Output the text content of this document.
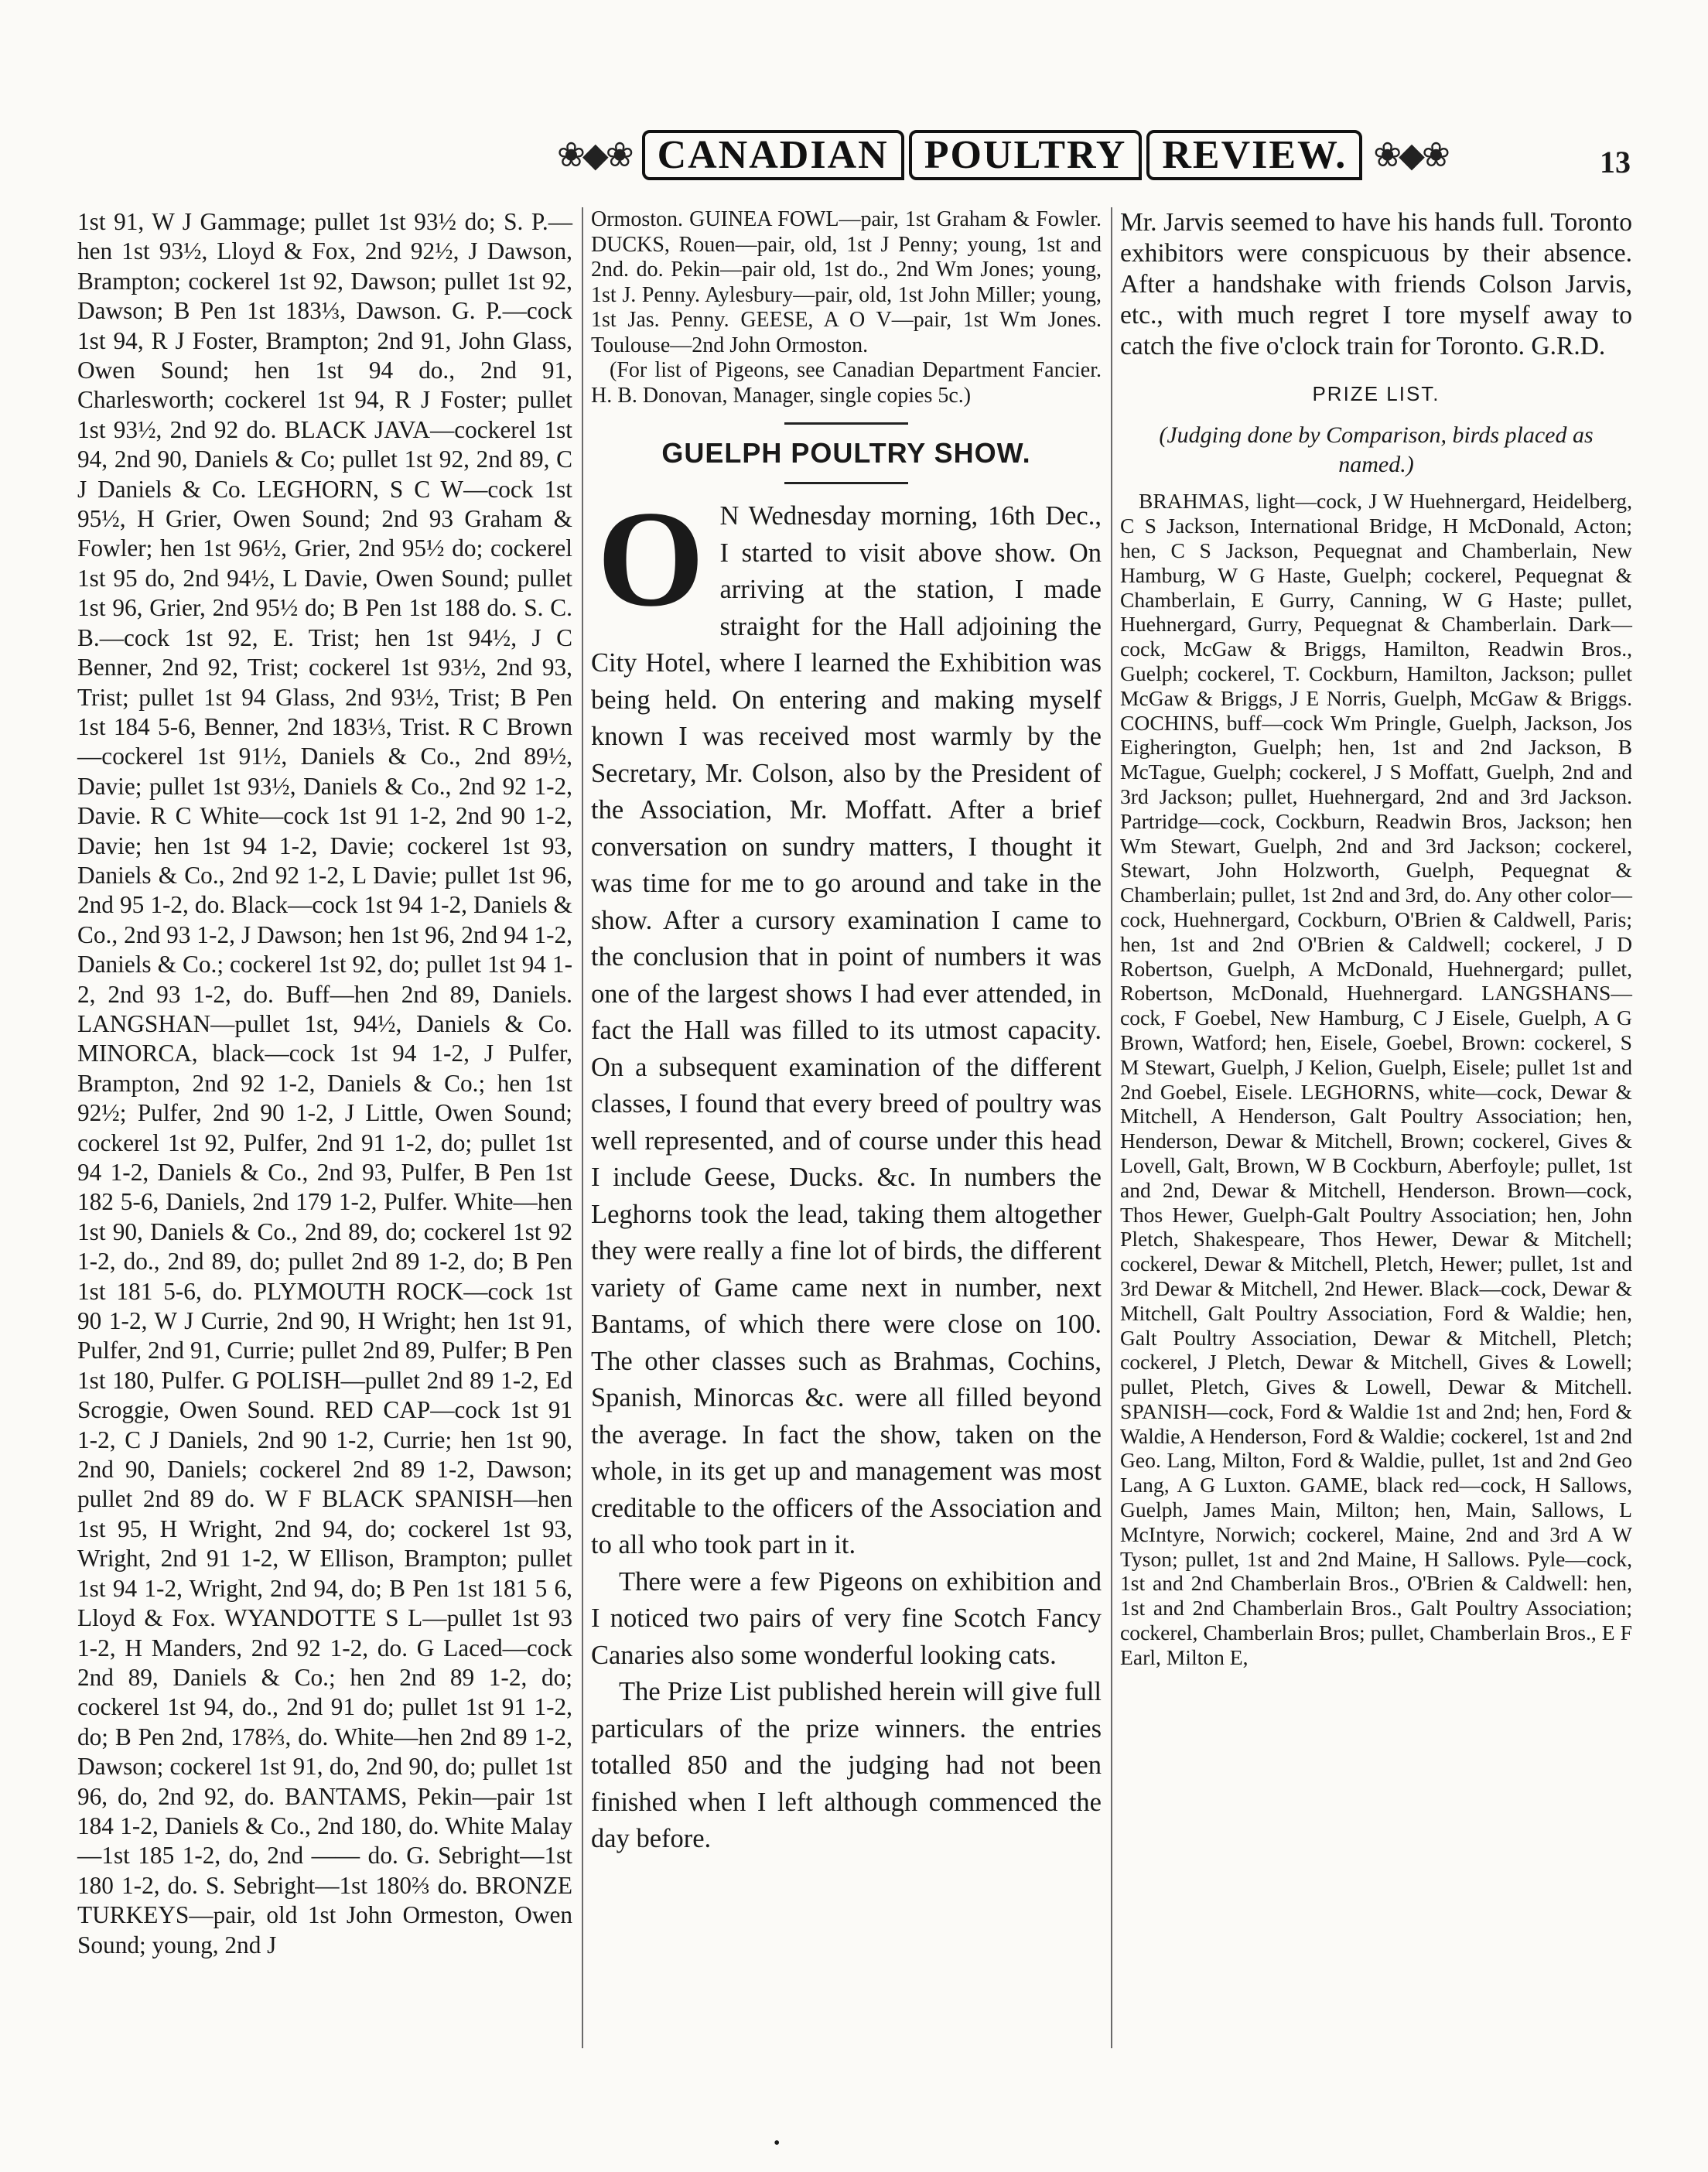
❀◆❀ CANADIAN POULTRY REVIEW. ❀◆❀	13

1st 91, W J Gammage; pullet 1st 93½ do; S. P.—hen 1st 93½, Lloyd & Fox, 2nd 92½, J Dawson, Brampton; cockerel 1st 92, Dawson; pullet 1st 92, Dawson; B Pen 1st 183⅓, Dawson. G. P.—cock 1st 94, R J Foster, Brampton; 2nd 91, John Glass, Owen Sound; hen 1st 94 do., 2nd 91, Charlesworth; cockerel 1st 94, R J Foster; pullet 1st 93½, 2nd 92 do. BLACK JAVA—cockerel 1st 94, 2nd 90, Daniels & Co; pullet 1st 92, 2nd 89, C J Daniels & Co. LEGHORN, S C W—cock 1st 95½, H Grier, Owen Sound; 2nd 93 Graham & Fowler; hen 1st 96½, Grier, 2nd 95½ do; cockerel 1st 95 do, 2nd 94½, L Davie, Owen Sound; pullet 1st 96, Grier, 2nd 95½ do; B Pen 1st 188 do. S. C. B.—cock 1st 92, E. Trist; hen 1st 94½, J C Benner, 2nd 92, Trist; cockerel 1st 93½, 2nd 93, Trist; pullet 1st 94 Glass, 2nd 93½, Trist; B Pen 1st 184 5-6, Benner, 2nd 183⅓, Trist. R C Brown—cockerel 1st 91½, Daniels & Co., 2nd 89½, Davie; pullet 1st 93½, Daniels & Co., 2nd 92 1-2, Davie. R C White—cock 1st 91 1-2, 2nd 90 1-2, Davie; hen 1st 94 1-2, Davie; cockerel 1st 93, Daniels & Co., 2nd 92 1-2, L Davie; pullet 1st 96, 2nd 95 1-2, do. Black—cock 1st 94 1-2, Daniels & Co., 2nd 93 1-2, J Dawson; hen 1st 96, 2nd 94 1-2, Daniels & Co.; cockerel 1st 92, do; pullet 1st 94 1-2, 2nd 93 1-2, do. Buff—hen 2nd 89, Daniels. LANGSHAN—pullet 1st, 94½, Daniels & Co. MINORCA, black—cock 1st 94 1-2, J Pulfer, Brampton, 2nd 92 1-2, Daniels & Co.; hen 1st 92½; Pulfer, 2nd 90 1-2, J Little, Owen Sound; cockerel 1st 92, Pulfer, 2nd 91 1-2, do; pullet 1st 94 1-2, Daniels & Co., 2nd 93, Pulfer, B Pen 1st 182 5-6, Daniels, 2nd 179 1-2, Pulfer. White—hen 1st 90, Daniels & Co., 2nd 89, do; cockerel 1st 92 1-2, do., 2nd 89, do; pullet 2nd 89 1-2, do; B Pen 1st 181 5-6, do. PLYMOUTH ROCK—cock 1st 90 1-2, W J Currie, 2nd 90, H Wright; hen 1st 91, Pulfer, 2nd 91, Currie; pullet 2nd 89, Pulfer; B Pen 1st 180, Pulfer. G POLISH—pullet 2nd 89 1-2, Ed Scroggie, Owen Sound. RED CAP—cock 1st 91 1-2, C J Daniels, 2nd 90 1-2, Currie; hen 1st 90, 2nd 90, Daniels; cockerel 2nd 89 1-2, Dawson; pullet 2nd 89 do. W F BLACK SPANISH—hen 1st 95, H Wright, 2nd 94, do; cockerel 1st 93, Wright, 2nd 91 1-2, W Ellison, Brampton; pullet 1st 94 1-2, Wright, 2nd 94, do; B Pen 1st 181 5 6, Lloyd & Fox. WYANDOTTE S L—pullet 1st 93 1-2, H Manders, 2nd 92 1-2, do. G Laced—cock 2nd 89, Daniels & Co.; hen 2nd 89 1-2, do; cockerel 1st 94, do., 2nd 91 do; pullet 1st 91 1-2, do; B Pen 2nd, 178⅔, do. White—hen 2nd 89 1-2, Dawson; cockerel 1st 91, do, 2nd 90, do; pullet 1st 96, do, 2nd 92, do. BANTAMS, Pekin—pair 1st 184 1-2, Daniels & Co., 2nd 180, do. White Malay—1st 185 1-2, do, 2nd —— do. G. Sebright—1st 180 1-2, do. S. Sebright—1st 180⅔ do. BRONZE TURKEYS—pair, old 1st John Ormeston, Owen Sound; young, 2nd J

Ormoston. GUINEA FOWL—pair, 1st Graham & Fowler. DUCKS, Rouen—pair, old, 1st J Penny; young, 1st and 2nd. do. Pekin—pair old, 1st do., 2nd Wm Jones; young, 1st J. Penny. Aylesbury—pair, old, 1st John Miller; young, 1st Jas. Penny. GEESE, A O V—pair, 1st Wm Jones. Toulouse—2nd John Ormoston.

(For list of Pigeons, see Canadian Department Fancier. H. B. Donovan, Manager, single copies 5c.)

GUELPH POULTRY SHOW.
O N Wednesday morning, 16th Dec., I started to visit above show. On arriving at the station, I made straight for the Hall adjoining the City Hotel, where I learned the Exhibition was being held. On entering and making myself known I was received most warmly by the Secretary, Mr. Colson, also by the President of the Association, Mr. Moffatt. After a brief conversation on sundry matters, I thought it was time for me to go around and take in the show. After a cursory examination I came to the conclusion that in point of numbers it was one of the largest shows I had ever attended, in fact the Hall was filled to its utmost capacity. On a subsequent examination of the different classes, I found that every breed of poultry was well represented, and of course under this head I include Geese, Ducks. &c. In numbers the Leghorns took the lead, taking them altogether they were really a fine lot of birds, the different variety of Game came next in number, next Bantams, of which there were close on 100. The other classes such as Brahmas, Cochins, Spanish, Minorcas &c. were all filled beyond the average. In fact the show, taken on the whole, in its get up and management was most creditable to the officers of the Association and to all who took part in it.

There were a few Pigeons on exhibition and I noticed two pairs of very fine Scotch Fancy Canaries also some wonderful looking cats.

The Prize List published herein will give full particulars of the prize winners. the entries totalled 850 and the judging had not been finished when I left although commenced the day before.

Mr. Jarvis seemed to have his hands full. Toronto exhibitors were conspicuous by their absence. After a handshake with friends Colson Jarvis, etc., with much regret I tore myself away to catch the five o'clock train for Toronto. G.R.D.

PRIZE LIST.
(Judging done by Comparison, birds placed as named.)

BRAHMAS, light—cock, J W Huehnergard, Heidelberg, C S Jackson, International Bridge, H McDonald, Acton; hen, C S Jackson, Pequegnat and Chamberlain, New Hamburg, W G Haste, Guelph; cockerel, Pequegnat & Chamberlain, E Gurry, Canning, W G Haste; pullet, Huehnergard, Gurry, Pequegnat & Chamberlain. Dark—cock, McGaw & Briggs, Hamilton, Readwin Bros., Guelph; cockerel, T. Cockburn, Hamilton, Jackson; pullet McGaw & Briggs, J E Norris, Guelph, McGaw & Briggs. COCHINS, buff—cock Wm Pringle, Guelph, Jackson, Jos Eigherington, Guelph; hen, 1st and 2nd Jackson, B McTague, Guelph; cockerel, J S Moffatt, Guelph, 2nd and 3rd Jackson; pullet, Huehnergard, 2nd and 3rd Jackson. Partridge—cock, Cockburn, Readwin Bros, Jackson; hen Wm Stewart, Guelph, 2nd and 3rd Jackson; cockerel, Stewart, John Holzworth, Guelph, Pequegnat & Chamberlain; pullet, 1st 2nd and 3rd, do. Any other color—cock, Huehnergard, Cockburn, O'Brien & Caldwell, Paris; hen, 1st and 2nd O'Brien & Caldwell; cockerel, J D Robertson, Guelph, A McDonald, Huehnergard; pullet, Robertson, McDonald, Huehnergard. LANGSHANS—cock, F Goebel, New Hamburg, C J Eisele, Guelph, A G Brown, Watford; hen, Eisele, Goebel, Brown: cockerel, S M Stewart, Guelph, J Kelion, Guelph, Eisele; pullet 1st and 2nd Goebel, Eisele. LEGHORNS, white—cock, Dewar & Mitchell, A Henderson, Galt Poultry Association; hen, Henderson, Dewar & Mitchell, Brown; cockerel, Gives & Lovell, Galt, Brown, W B Cockburn, Aberfoyle; pullet, 1st and 2nd, Dewar & Mitchell, Henderson. Brown—cock, Thos Hewer, Guelph-Galt Poultry Association; hen, John Pletch, Shakespeare, Thos Hewer, Dewar & Mitchell; cockerel, Dewar & Mitchell, Pletch, Hewer; pullet, 1st and 3rd Dewar & Mitchell, 2nd Hewer. Black—cock, Dewar & Mitchell, Galt Poultry Association, Ford & Waldie; hen, Galt Poultry Association, Dewar & Mitchell, Pletch; cockerel, J Pletch, Dewar & Mitchell, Gives & Lowell; pullet, Pletch, Gives & Lowell, Dewar & Mitchell. SPANISH—cock, Ford & Waldie 1st and 2nd; hen, Ford & Waldie, A Henderson, Ford & Waldie; cockerel, 1st and 2nd Geo. Lang, Milton, Ford & Waldie, pullet, 1st and 2nd Geo Lang, A G Luxton. GAME, black red—cock, H Sallows, Guelph, James Main, Milton; hen, Main, Sallows, L McIntyre, Norwich; cockerel, Maine, 2nd and 3rd A W Tyson; pullet, 1st and 2nd Maine, H Sallows. Pyle—cock, 1st and 2nd Chamberlain Bros., O'Brien & Caldwell: hen, 1st and 2nd Chamberlain Bros., Galt Poultry Association; cockerel, Chamberlain Bros; pullet, Chamberlain Bros., E F Earl, Milton E,

•
